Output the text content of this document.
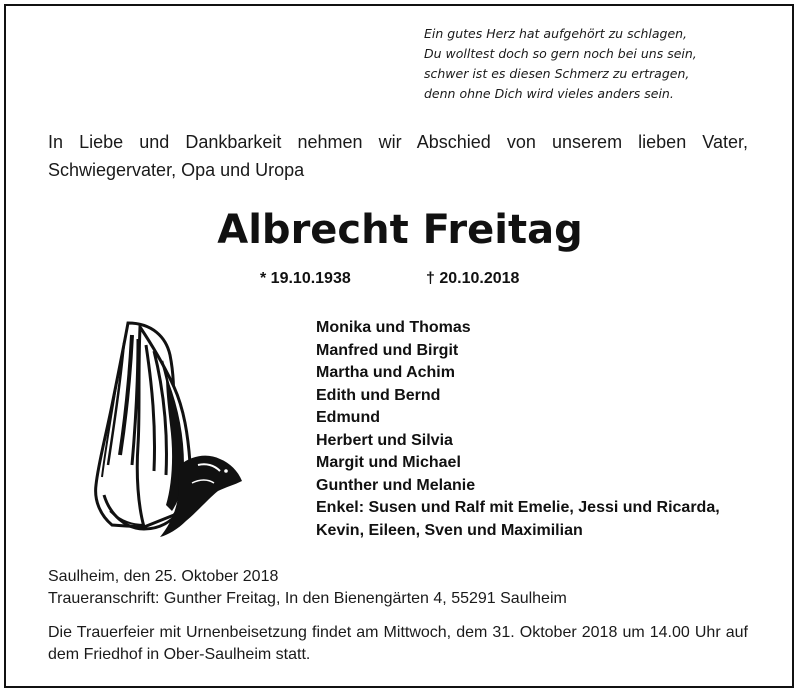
Ein gutes Herz hat aufgehört zu schlagen,
Du wolltest doch so gern noch bei uns sein,
schwer ist es diesen Schmerz zu ertragen,
denn ohne Dich wird vieles anders sein.
In Liebe und Dankbarkeit nehmen wir Abschied von unserem lieben Vater, Schwiegervater, Opa und Uropa
Albrecht Freitag
* 19.10.1938	† 20.10.2018
Monika und Thomas
Manfred und Birgit
Martha und Achim
Edith und Bernd
Edmund
Herbert und Silvia
Margit und Michael
Gunther und Melanie
Enkel: Susen und Ralf mit Emelie, Jessi und Ricarda,
Kevin, Eileen, Sven und Maximilian
Saulheim, den 25. Oktober 2018
Traueranschrift: Gunther Freitag, In den Bienengärten 4, 55291 Saulheim
Die Trauerfeier mit Urnenbeisetzung findet am Mittwoch, dem 31. Oktober 2018 um 14.00 Uhr auf dem Friedhof in Ober-Saulheim statt.
